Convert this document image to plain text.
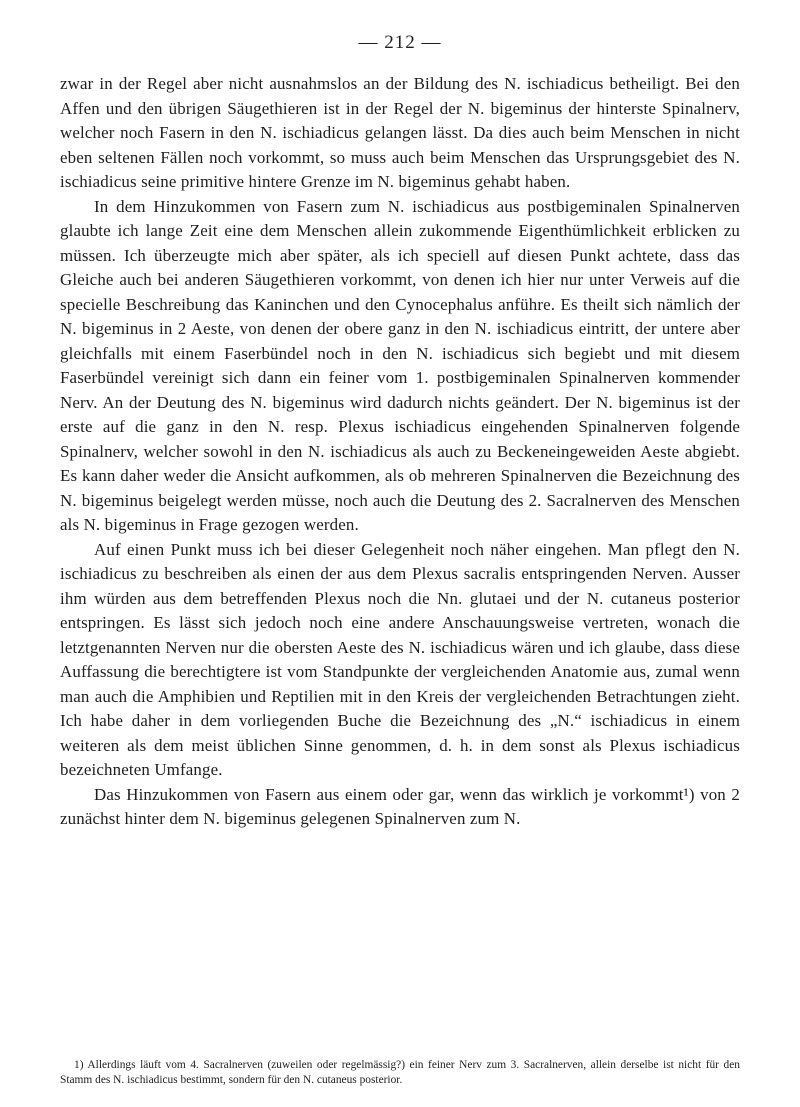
— 212 —

zwar in der Regel aber nicht ausnahmslos an der Bildung des N. ischiadicus betheiligt. Bei den Affen und den übrigen Säugethieren ist in der Regel der N. bigeminus der hinterste Spinalnerv, welcher noch Fasern in den N. ischiadicus gelangen lässt. Da dies auch beim Menschen in nicht eben seltenen Fällen noch vorkommt, so muss auch beim Menschen das Ursprungsgebiet des N. ischiadicus seine primitive hintere Grenze im N. bigeminus gehabt haben.

In dem Hinzukommen von Fasern zum N. ischiadicus aus postbigeminalen Spinalnerven glaubte ich lange Zeit eine dem Menschen allein zukommende Eigenthümlichkeit erblicken zu müssen. Ich überzeugte mich aber später, als ich speciell auf diesen Punkt achtete, dass das Gleiche auch bei anderen Säugethieren vorkommt, von denen ich hier nur unter Verweis auf die specielle Beschreibung das Kaninchen und den Cynocephalus anführe. Es theilt sich nämlich der N. bigeminus in 2 Aeste, von denen der obere ganz in den N. ischiadicus eintritt, der untere aber gleichfalls mit einem Faserbündel noch in den N. ischiadicus sich begiebt und mit diesem Faserbündel vereinigt sich dann ein feiner vom 1. postbigeminalen Spinalnerven kommender Nerv. An der Deutung des N. bigeminus wird dadurch nichts geändert. Der N. bigeminus ist der erste auf die ganz in den N. resp. Plexus ischiadicus eingehenden Spinalnerven folgende Spinalnerv, welcher sowohl in den N. ischiadicus als auch zu Beckeneingeweiden Aeste abgiebt. Es kann daher weder die Ansicht aufkommen, als ob mehreren Spinalnerven die Bezeichnung des N. bigeminus beigelegt werden müsse, noch auch die Deutung des 2. Sacralnerven des Menschen als N. bigeminus in Frage gezogen werden.

Auf einen Punkt muss ich bei dieser Gelegenheit noch näher eingehen. Man pflegt den N. ischiadicus zu beschreiben als einen der aus dem Plexus sacralis entspringenden Nerven. Ausser ihm würden aus dem betreffenden Plexus noch die Nn. glutaei und der N. cutaneus posterior entspringen. Es lässt sich jedoch noch eine andere Anschauungsweise vertreten, wonach die letztgenannten Nerven nur die obersten Aeste des N. ischiadicus wären und ich glaube, dass diese Auffassung die berechtigtere ist vom Standpunkte der vergleichenden Anatomie aus, zumal wenn man auch die Amphibien und Reptilien mit in den Kreis der vergleichenden Betrachtungen zieht. Ich habe daher in dem vorliegenden Buche die Bezeichnung des „N.“ ischiadicus in einem weiteren als dem meist üblichen Sinne genommen, d. h. in dem sonst als Plexus ischiadicus bezeichneten Umfange.

Das Hinzukommen von Fasern aus einem oder gar, wenn das wirklich je vorkommt¹) von 2 zunächst hinter dem N. bigeminus gelegenen Spinalnerven zum N.

1) Allerdings läuft vom 4. Sacralnerven (zuweilen oder regelmässig?) ein feiner Nerv zum 3. Sacralnerven, allein derselbe ist nicht für den Stamm des N. ischiadicus bestimmt, sondern für den N. cutaneus posterior.
